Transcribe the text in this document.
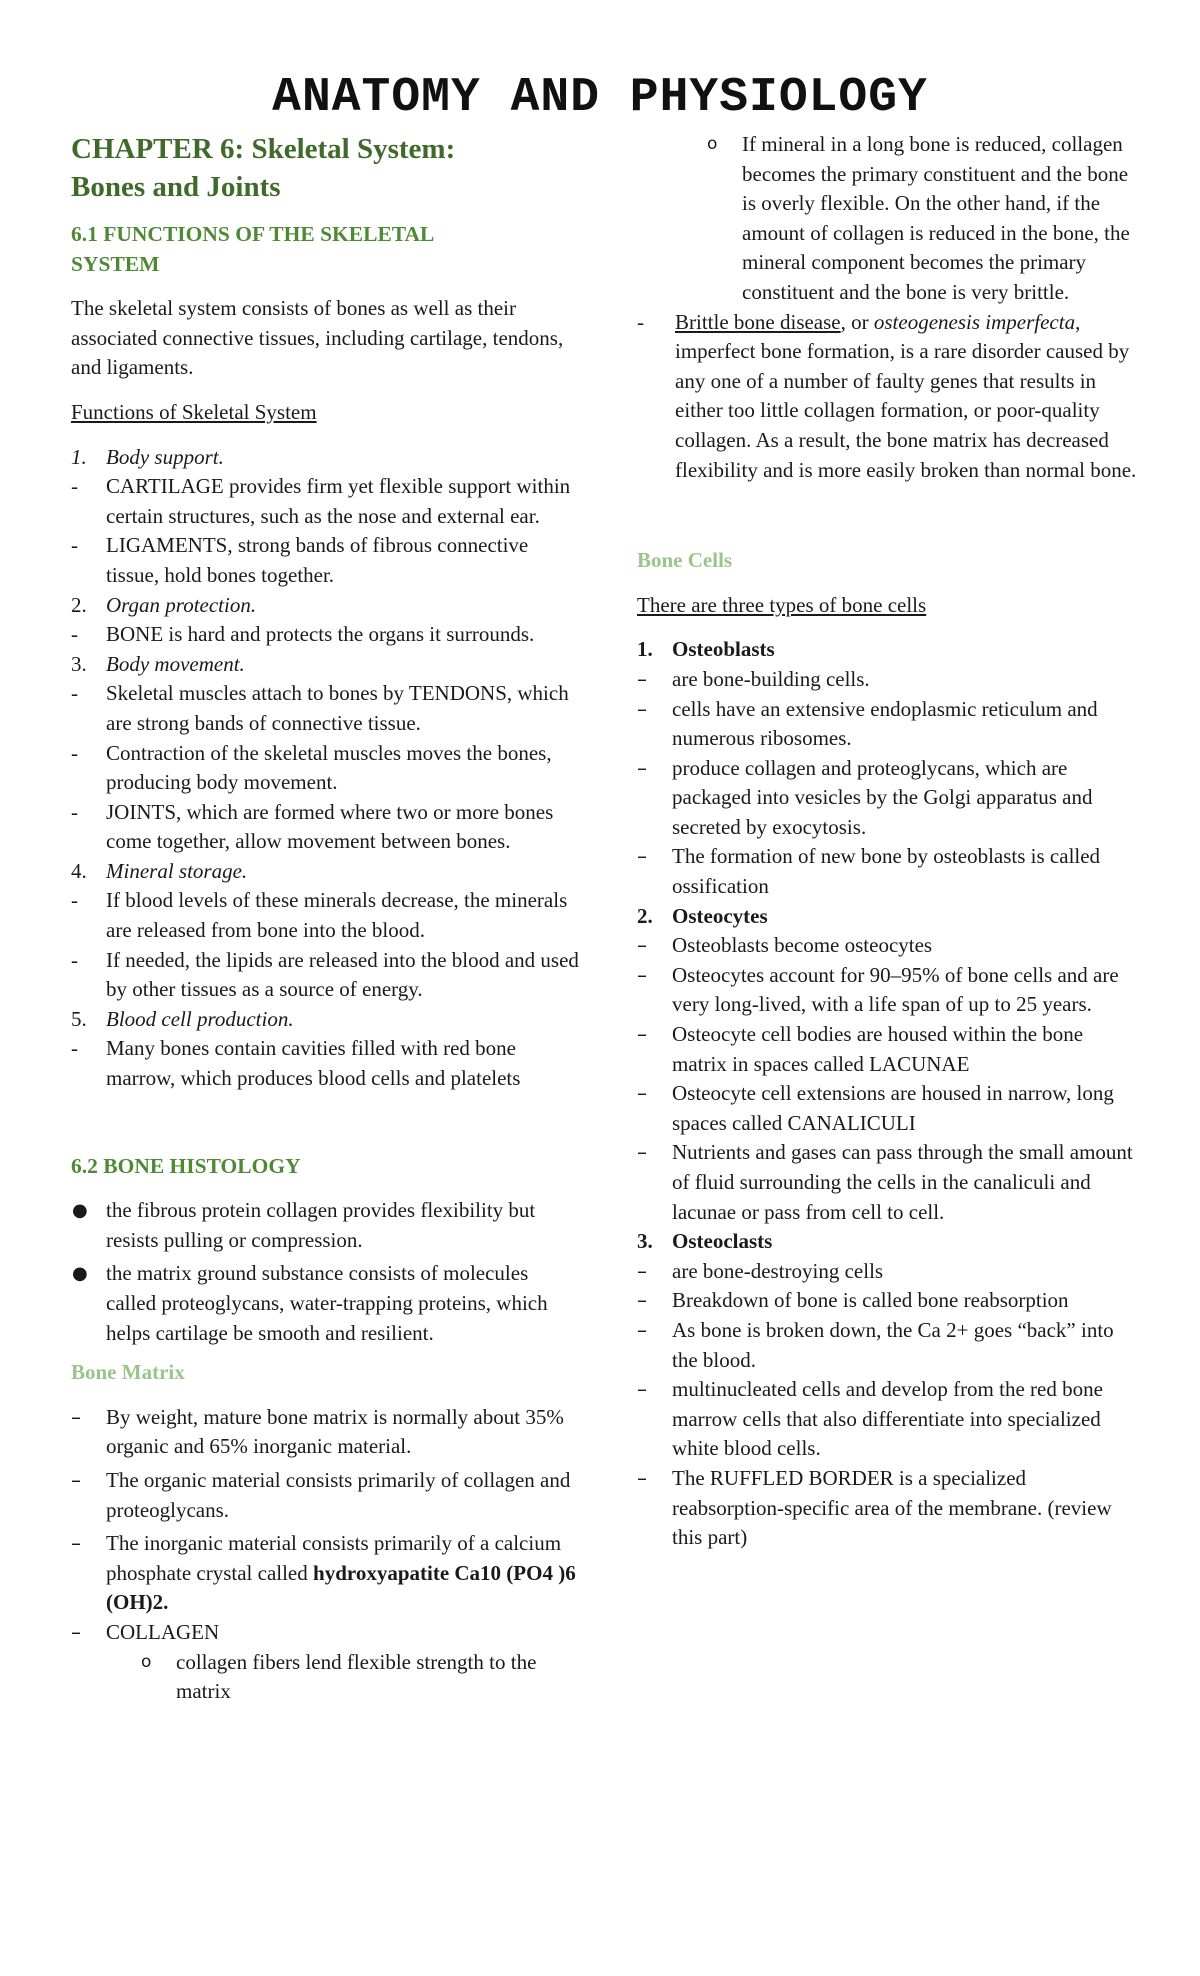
ANATOMY AND PHYSIOLOGY
CHAPTER 6: Skeletal System:
Bones and Joints
6.1 FUNCTIONS OF THE SKELETAL
SYSTEM

The skeletal system consists of bones as well as their associated connective tissues, including cartilage, tendons, and ligaments.

Functions of Skeletal System

1. Body support.
-	CARTILAGE provides firm yet flexible support within certain structures, such as the nose and external ear.
-	LIGAMENTS, strong bands of fibrous connective tissue, hold bones together.
2. Organ protection.
-	BONE is hard and protects the organs it surrounds.
3. Body movement.
-	Skeletal muscles attach to bones by TENDONS, which are strong bands of connective tissue.
-	Contraction of the skeletal muscles moves the bones, producing body movement.
-	JOINTS, which are formed where two or more bones come together, allow movement between bones.
4. Mineral storage.
-	If blood levels of these minerals decrease, the minerals are released from bone into the blood.
-	If needed, the lipids are released into the blood and used by other tissues as a source of energy.
5. Blood cell production.
-	Many bones contain cavities filled with red bone marrow, which produces blood cells and platelets
6.2 BONE HISTOLOGY
● the fibrous protein collagen provides flexibility but resists pulling or compression.
● the matrix ground substance consists of molecules called proteoglycans, water-trapping proteins, which helps cartilage be smooth and resilient.
Bone Matrix
–	By weight, mature bone matrix is normally about 35% organic and 65% inorganic material.
–	The organic material consists primarily of collagen and proteoglycans.
–	The inorganic material consists primarily of a calcium phosphate crystal called hydroxyapatite Ca10 (PO4 )6 (OH)2.
–	COLLAGEN
o	collagen fibers lend flexible strength to the matrix
o	If mineral in a long bone is reduced, collagen becomes the primary constituent and the bone is overly flexible. On the other hand, if the amount of collagen is reduced in the bone, the mineral component becomes the primary constituent and the bone is very brittle.
-	Brittle bone disease, or osteogenesis imperfecta, imperfect bone formation, is a rare disorder caused by any one of a number of faulty genes that results in either too little collagen formation, or poor-quality collagen. As a result, the bone matrix has decreased flexibility and is more easily broken than normal bone.
Bone Cells

There are three types of bone cells

1. Osteoblasts
–	are bone-building cells.
–	cells have an extensive endoplasmic reticulum and numerous ribosomes.
–	produce collagen and proteoglycans, which are packaged into vesicles by the Golgi apparatus and secreted by exocytosis.
–	The formation of new bone by osteoblasts is called ossification
2. Osteocytes
–	Osteoblasts become osteocytes
–	Osteocytes account for 90–95% of bone cells and are very long-lived, with a life span of up to 25 years.
–	Osteocyte cell bodies are housed within the bone matrix in spaces called LACUNAE
–	Osteocyte cell extensions are housed in narrow, long spaces called CANALICULI
–	Nutrients and gases can pass through the small amount of fluid surrounding the cells in the canaliculi and lacunae or pass from cell to cell.
3. Osteoclasts
–	are bone-destroying cells
–	Breakdown of bone is called bone reabsorption
–	As bone is broken down, the Ca 2+ goes “back” into the blood.
–	multinucleated cells and develop from the red bone marrow cells that also differentiate into specialized white blood cells.
–	The RUFFLED BORDER is a specialized reabsorption-specific area of the membrane. (review this part)
